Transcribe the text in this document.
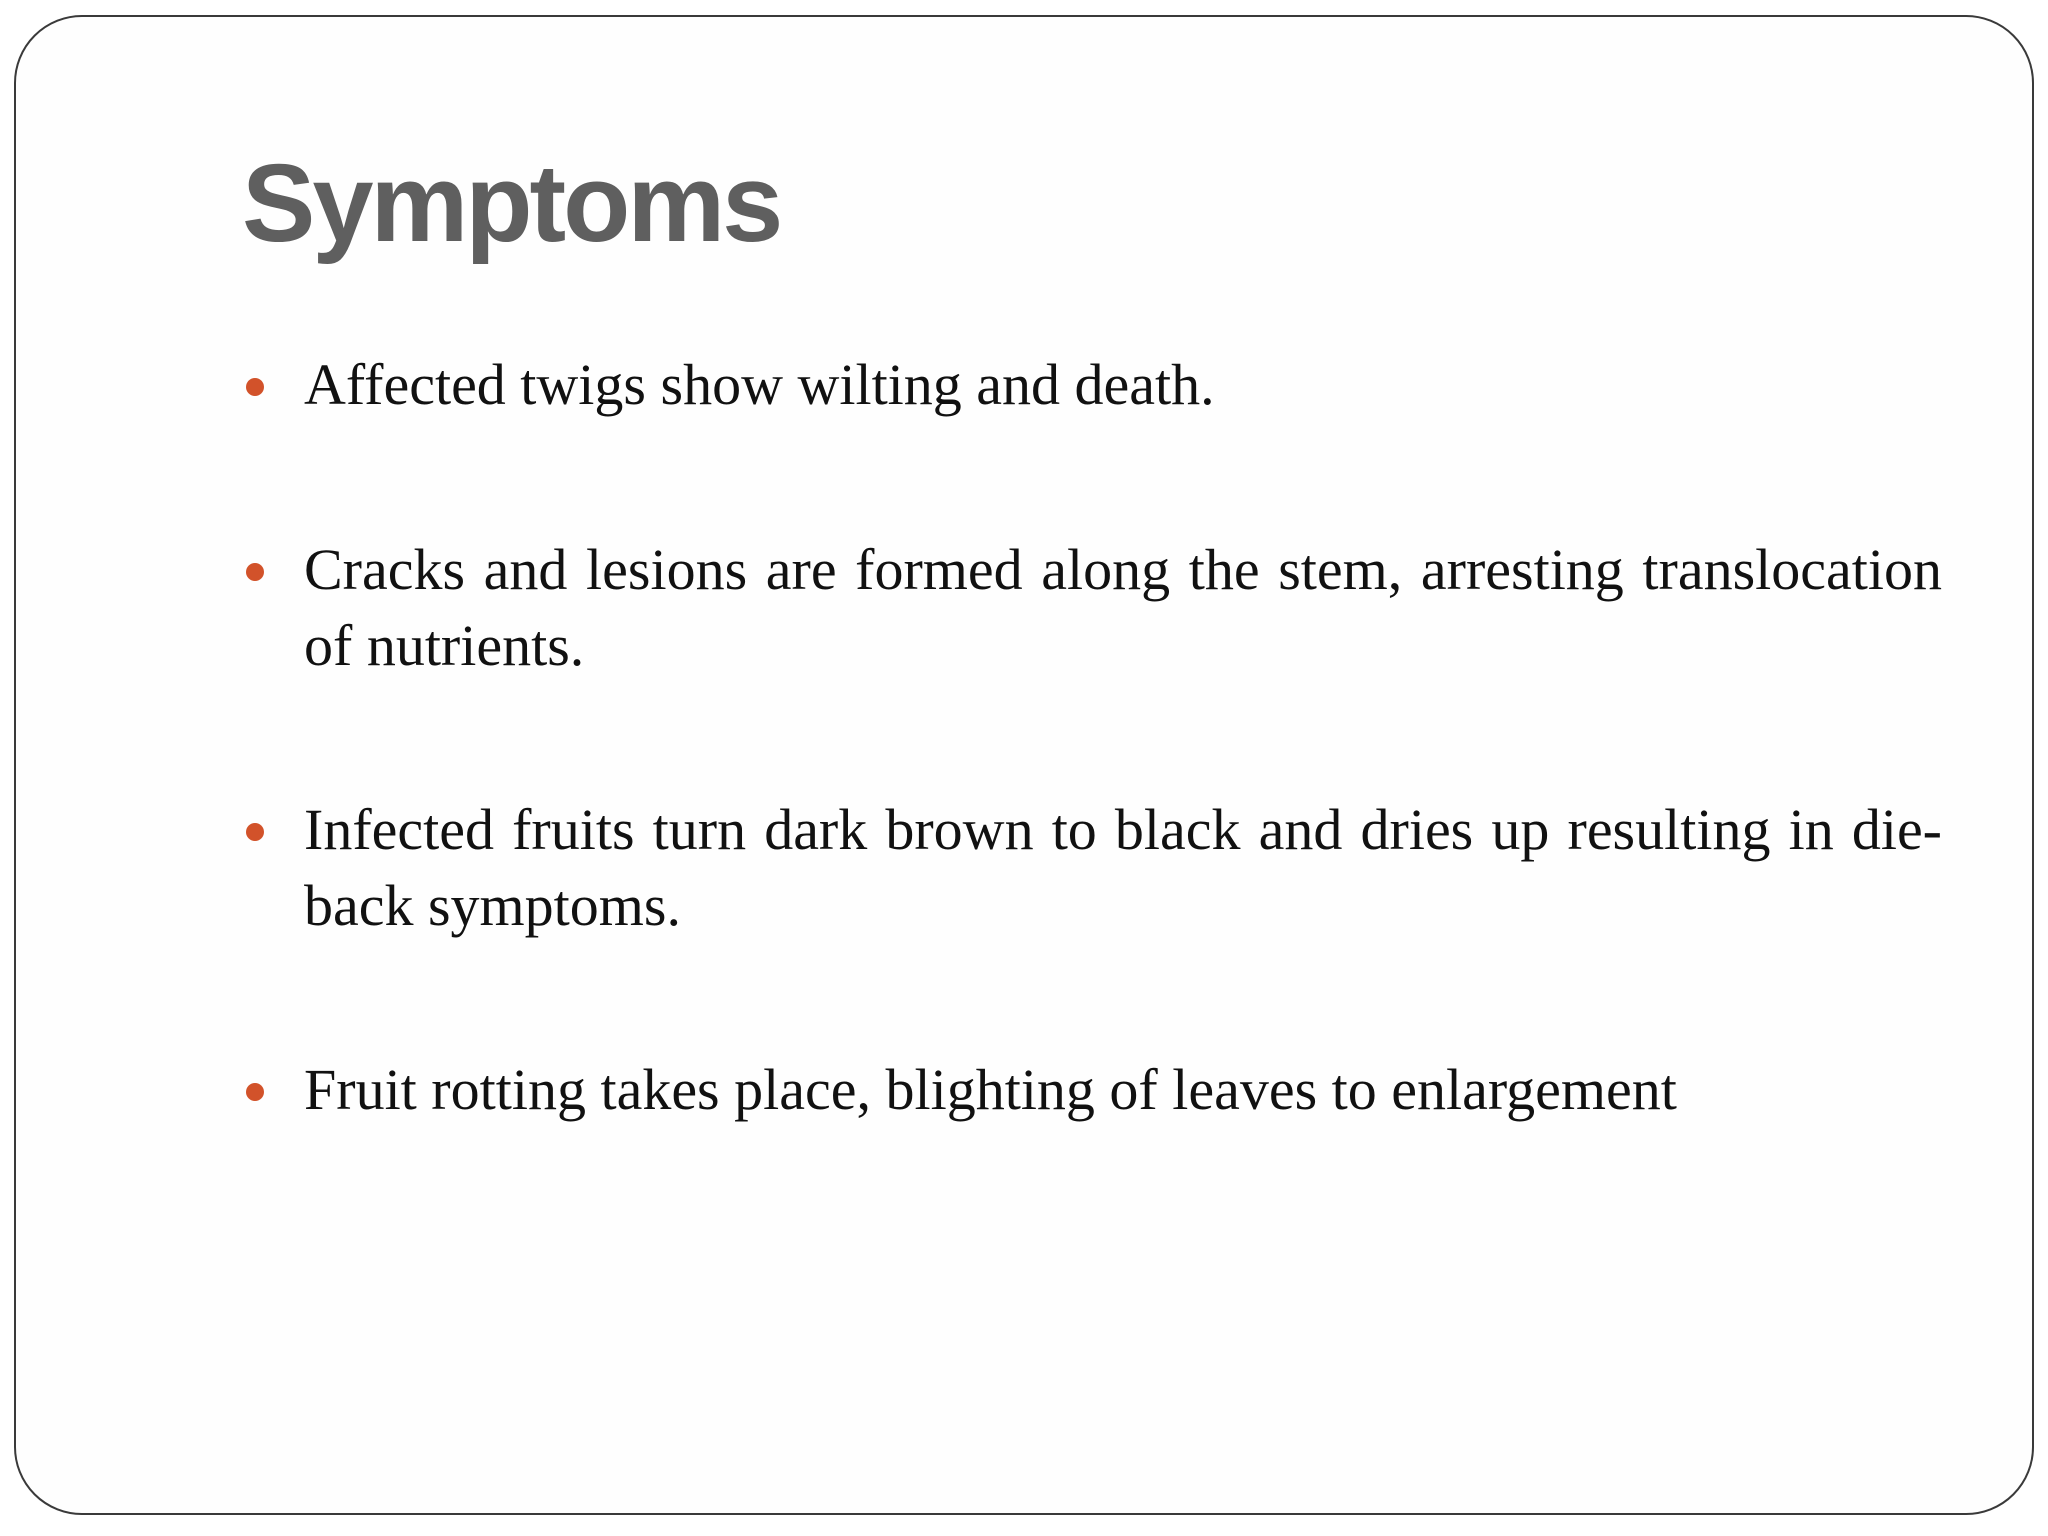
Symptoms
Affected twigs show wilting and death.
Cracks and lesions are formed along the stem, arresting translocation of nutrients.
Infected fruits turn dark brown to black and dries up resulting in die-back symptoms.
Fruit rotting takes place, blighting of leaves to enlargement
